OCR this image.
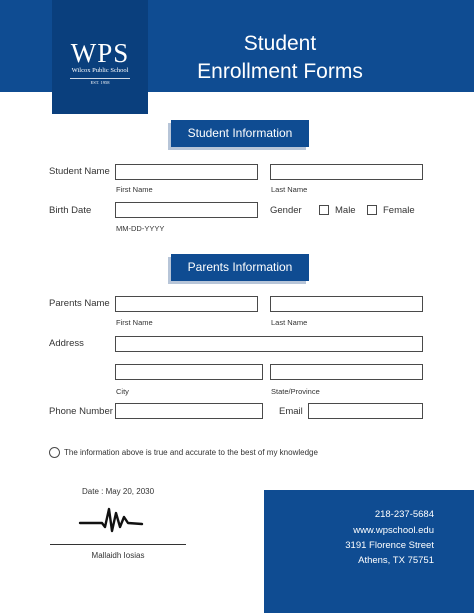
WPS
Wilcox Public School
EST. 1958
Student
Enrollment Forms
Student Information
Student Name
First Name	Last Name
Birth Date
MM-DD-YYYY
Gender	Male	Female
Parents Information
Parents Name
First Name	Last Name
Address
City	State/Province
Phone Number	Email
The information above is true and accurate to the best of my knowledge
Date : May 20, 2030
Mallaidh Iosias
218-237-5684
www.wpschool.edu
3191 Florence Street
Athens, TX 75751
